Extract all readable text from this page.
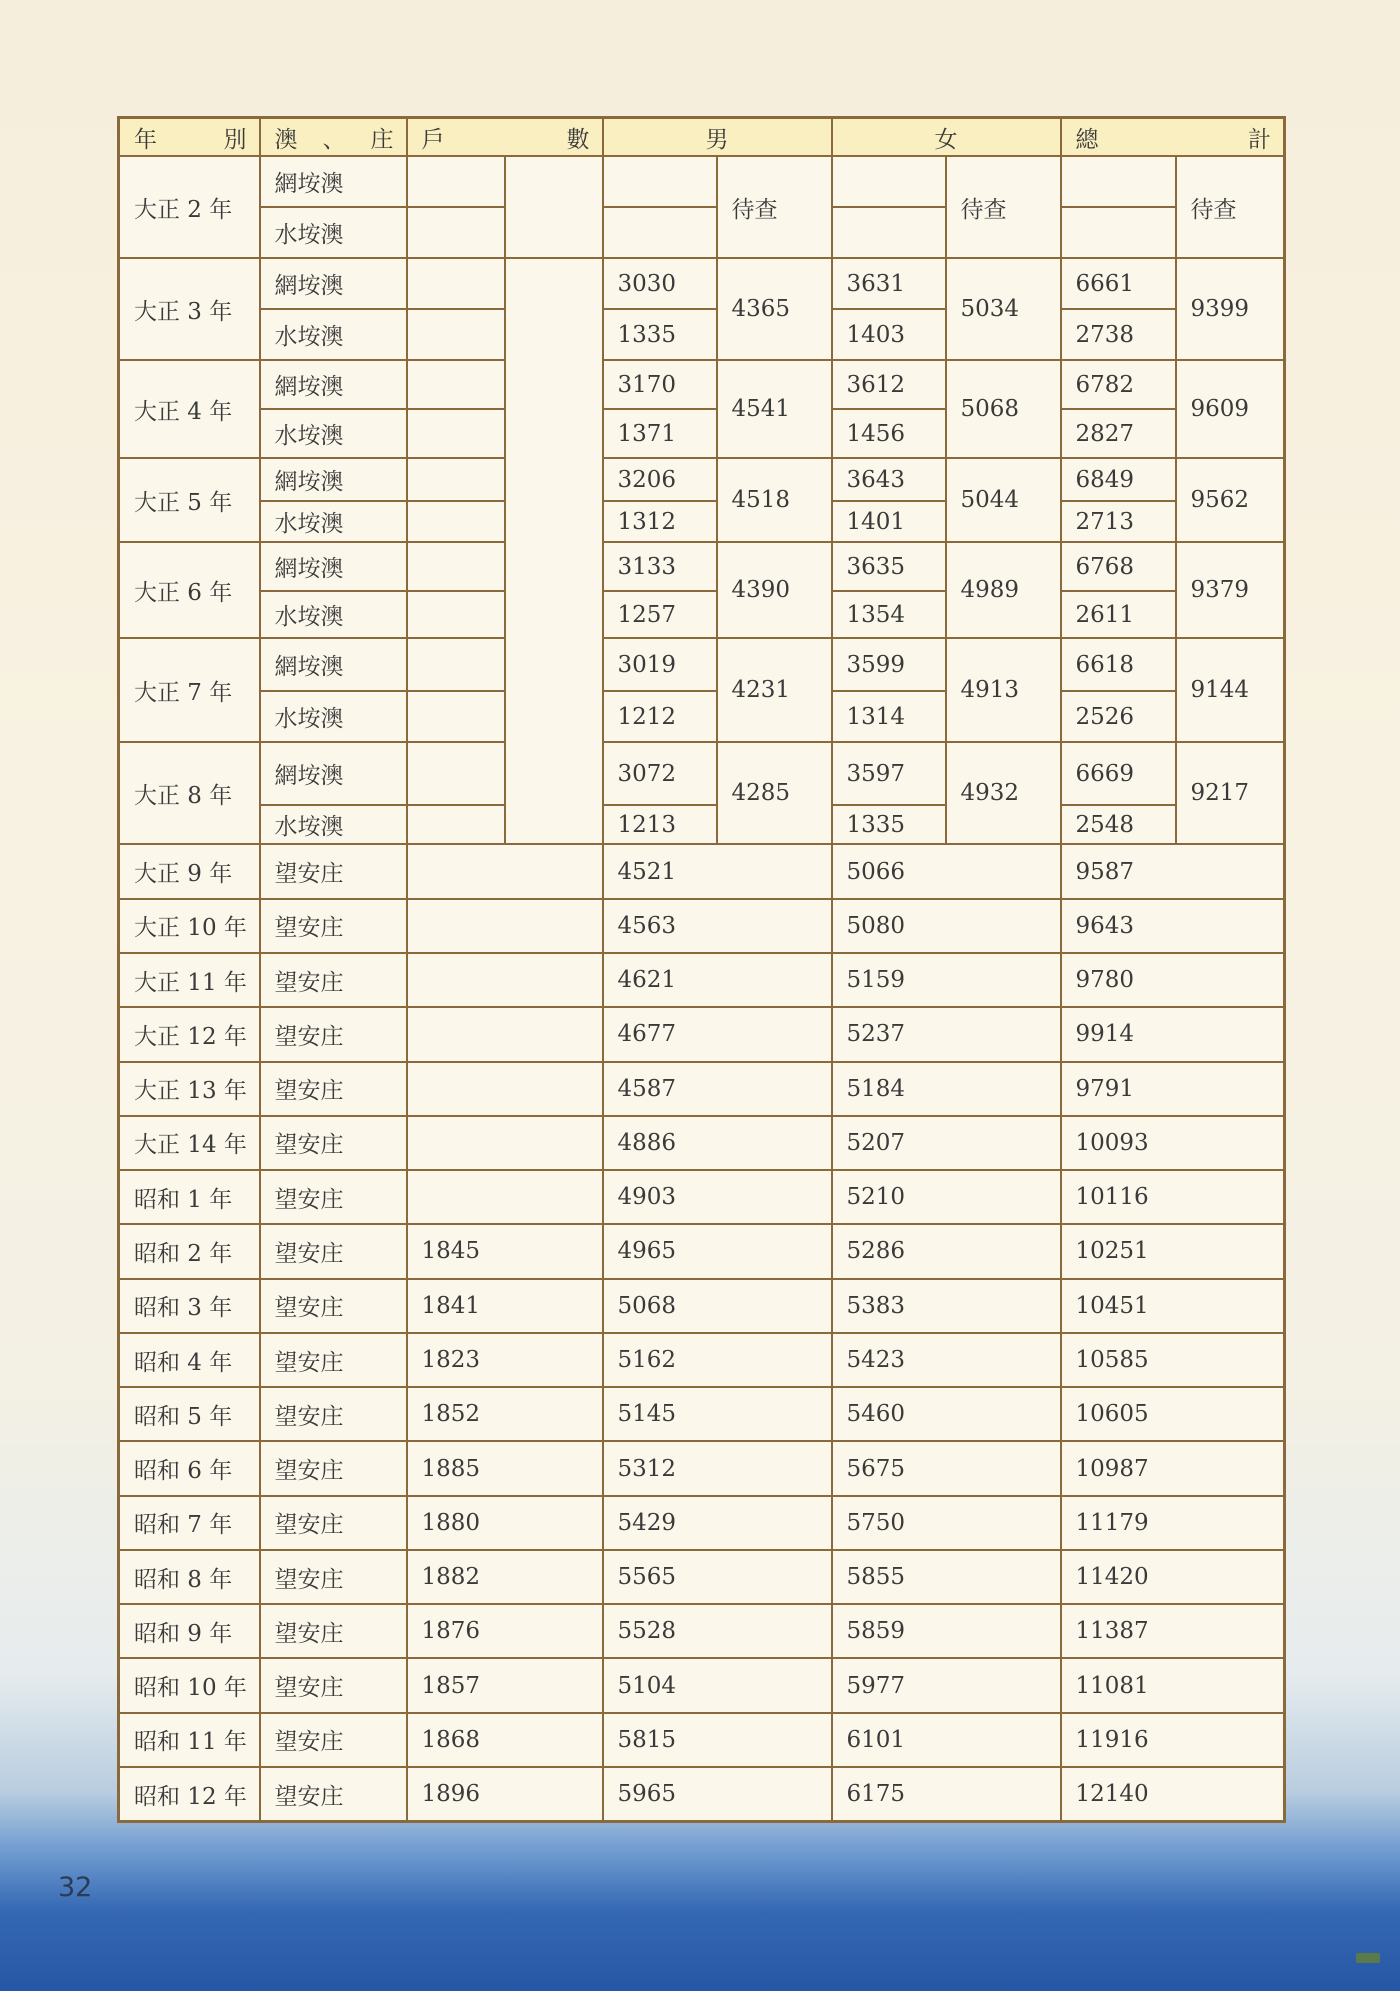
年 別	澳 、 庄	戶 數		男		女		總 計	

大正 2 年	網垵澳				待查		待查		待查
	水垵澳								
大正 3 年	網垵澳			3030	4365	3631	5034	6661	9399
	水垵澳			1335		1403		2738	
大正 4 年	網垵澳			3170	4541	3612	5068	6782	9609
	水垵澳			1371		1456		2827	
大正 5 年	網垵澳			3206	4518	3643	5044	6849	9562
	水垵澳			1312		1401		2713	
大正 6 年	網垵澳			3133	4390	3635	4989	6768	9379
	水垵澳			1257		1354		2611	
大正 7 年	網垵澳			3019	4231	3599	4913	6618	9144
	水垵澳			1212		1314		2526	
大正 8 年	網垵澳			3072	4285	3597	4932	6669	9217
	水垵澳			1213		1335		2548	
大正 9 年	望安庄			4521		5066		9587	
大正 10 年	望安庄			4563		5080		9643	
大正 11 年	望安庄			4621		5159		9780	
大正 12 年	望安庄			4677		5237		9914	
大正 13 年	望安庄			4587		5184		9791	
大正 14 年	望安庄			4886		5207		10093	
昭和 1 年	望安庄			4903		5210		10116	
昭和 2 年	望安庄	1845		4965		5286		10251	
昭和 3 年	望安庄	1841		5068		5383		10451	
昭和 4 年	望安庄	1823		5162		5423		10585	
昭和 5 年	望安庄	1852		5145		5460		10605	
昭和 6 年	望安庄	1885		5312		5675		10987	
昭和 7 年	望安庄	1880		5429		5750		11179	
昭和 8 年	望安庄	1882		5565		5855		11420	
昭和 9 年	望安庄	1876		5528		5859		11387	
昭和 10 年	望安庄	1857		5104		5977		11081	
昭和 11 年	望安庄	1868		5815		6101		11916	
昭和 12 年	望安庄	1896		5965		6175		12140	
32
